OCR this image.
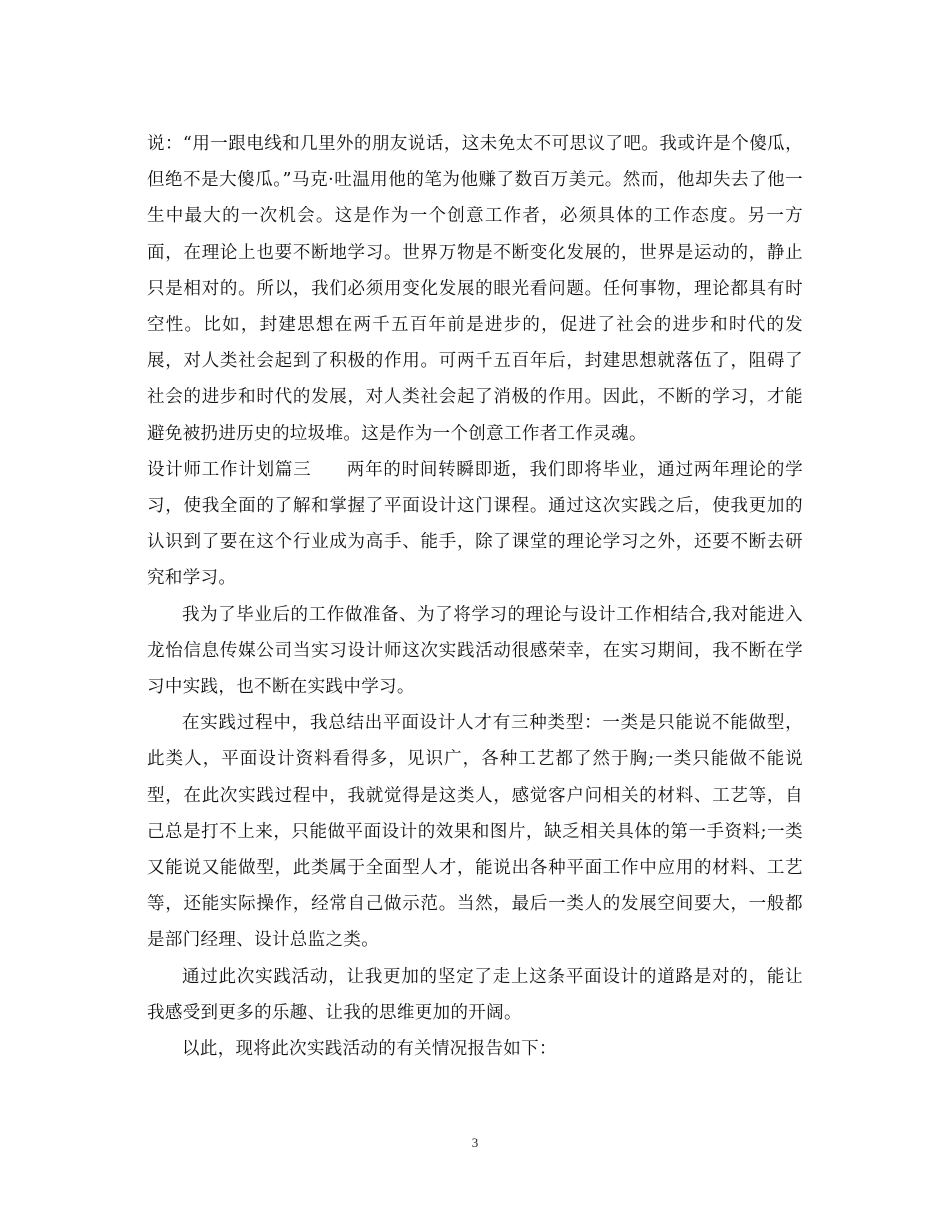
说：“用一跟电线和几里外的朋友说话，这未免太不可思议了吧。我或许是个傻瓜，但绝不是大傻瓜。”马克·吐温用他的笔为他赚了数百万美元。然而，他却失去了他一生中最大的一次机会。这是作为一个创意工作者，必须具体的工作态度。另一方面，在理论上也要不断地学习。世界万物是不断变化发展的，世界是运动的，静止只是相对的。所以，我们必须用变化发展的眼光看问题。任何事物，理论都具有时空性。比如，封建思想在两千五百年前是进步的，促进了社会的进步和时代的发展，对人类社会起到了积极的作用。可两千五百年后，封建思想就落伍了，阻碍了社会的进步和时代的发展，对人类社会起了消极的作用。因此，不断的学习，才能避免被扔进历史的垃圾堆。这是作为一个创意工作者工作灵魂。

设计师工作计划篇三 两年的时间转瞬即逝，我们即将毕业，通过两年理论的学习，使我全面的了解和掌握了平面设计这门课程。通过这次实践之后，使我更加的认识到了要在这个行业成为高手、能手，除了课堂的理论学习之外，还要不断去研究和学习。

我为了毕业后的工作做准备、为了将学习的理论与设计工作相结合,我对能进入龙怡信息传媒公司当实习设计师这次实践活动很感荣幸，在实习期间，我不断在学习中实践，也不断在实践中学习。

在实践过程中，我总结出平面设计人才有三种类型：一类是只能说不能做型，此类人，平面设计资料看得多，见识广，各种工艺都了然于胸;一类只能做不能说型，在此次实践过程中，我就觉得是这类人，感觉客户问相关的材料、工艺等，自己总是打不上来，只能做平面设计的效果和图片，缺乏相关具体的第一手资料;一类又能说又能做型，此类属于全面型人才，能说出各种平面工作中应用的材料、工艺等，还能实际操作，经常自己做示范。当然，最后一类人的发展空间要大，一般都是部门经理、设计总监之类。

通过此次实践活动，让我更加的坚定了走上这条平面设计的道路是对的，能让我感受到更多的乐趣、让我的思维更加的开阔。

以此，现将此次实践活动的有关情况报告如下：

3
